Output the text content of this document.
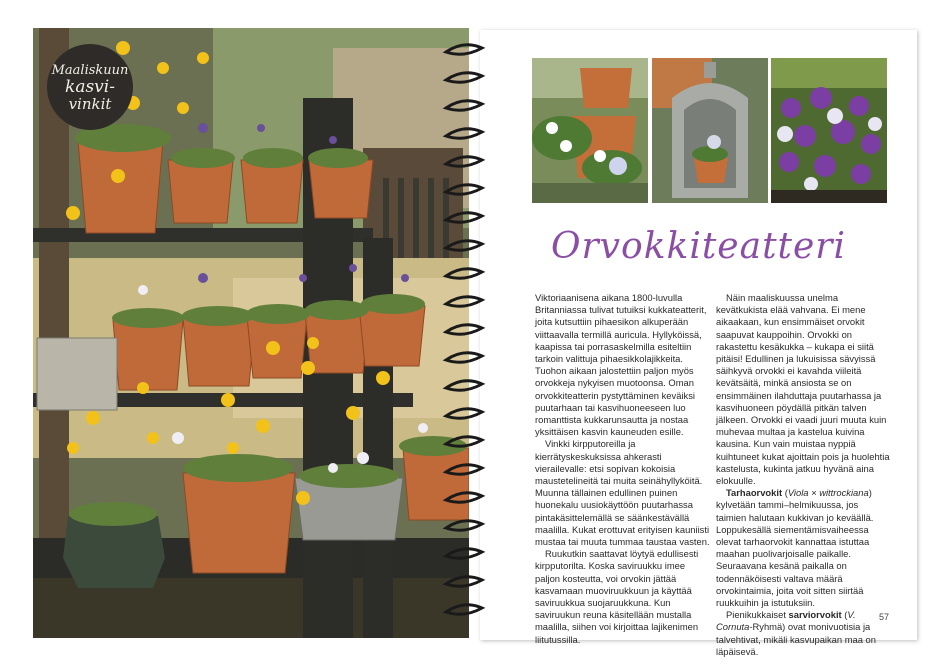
Maaliskuun
kasvi-
vinkit
Orvokkiteatteri

Viktoriaanisena aikana 1800-luvulla Britanniassa tulivat tutuiksi kukkateatterit, joita kutsuttiin pihaesikon alkuperään viittaavalla termillä auricula. Hyllyköissä, kaapissa tai porrasaskelmilla esiteltiin tarkoin valittuja pihaesikkolajikkeita. Tuohon aikaan jalostettiin paljon myös orvokkeja nykyisen muotoonsa. Oman orvokkiteatterin pystyttäminen keväiksi puutarhaan tai kasvihuoneeseen luo romanttista kukkarunsautta ja nostaa yksittäisen kasvin kauneuden esille.

Vinkki kirpputoreilla ja kierrätyskeskuksissa ahkerasti vierailevalle: etsi sopivan kokoisia maustetelineitä tai muita seinähyllyköitä. Muunna tällainen edullinen puinen huonekalu uusiokäyttöön puutarhassa pintakäsittelemällä se säänkestävällä maalilla. Kukat erottuvat erityisen kauniisti mustaa tai muuta tummaa taustaa vasten.

Ruukutkin saattavat löytyä edullisesti kirpputorilta. Koska saviruukku imee paljon kosteutta, voi orvokin jättää kasvamaan muoviruukkuun ja käyttää saviruukkua suojaruukkuna. Kun saviruukun reuna käsitellään mustalla maalilla, siihen voi kirjoittaa lajikenimen liitutussilla.

Näin maaliskuussa unelma kevätkukista elää vahvana. Ei mene aikaakaan, kun ensimmäiset orvokit saapuvat kauppoihin. Orvokki on rakastettu kesäkukka – kukapa ei siitä pitäisi! Edullinen ja lukuisissa sävyissä säihkyvä orvokki ei kavahda viileitä kevätsäitä, minkä ansiosta se on ensimmäinen ilahduttaja puutarhassa ja kasvihuoneen pöydällä pitkän talven jälkeen. Orvokki ei vaadi juuri muuta kuin muhevaa multaa ja kastelua kuivina kausina. Kun vain muistaa nyppiä kuihtuneet kukat ajoittain pois ja huolehtia kastelusta, kukinta jatkuu hyvänä aina elokuulle.

Tarhaorvokit (Viola × wittrockiana) kylvetään tammi–helmikuussa, jos taimien halutaan kukkivan jo keväällä. Loppukesällä siementämisvaiheessa olevat tarhaorvokit kannattaa istuttaa maahan puolivarjoisalle paikalle. Seuraavana kesänä paikalla on todennäköisesti valtava määrä orvokintaimia, joita voit sitten siirtää ruukkuihin ja istutuksiin.

Pienikukkaiset sarviorvokit (V. Cornuta-Ryhmä) ovat monivuotisia ja talvehtivat, mikäli kasvupaikan maa on läpäisevä.

57
